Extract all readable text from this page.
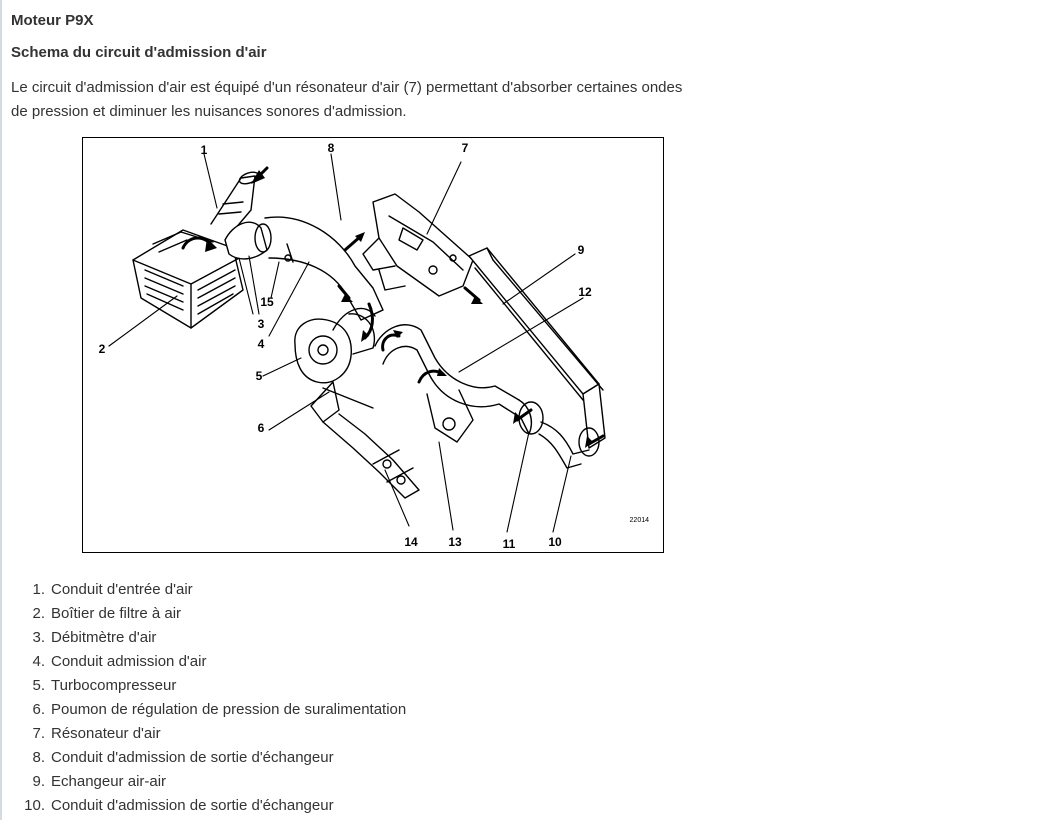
Moteur P9X
Schema du circuit d'admission d'air
Le circuit d'admission d'air est équipé d'un résonateur d'air (7) permettant d'absorber certaines ondes
de pression et diminuer les nuisances sonores d'admission.
1
2
3
4
5
6
7
8
9
10
11
12
13
14
15
22014
1. Conduit d'entrée d'air
2. Boîtier de filtre à air
3. Débitmètre d'air
4. Conduit admission d'air
5. Turbocompresseur
6. Poumon de régulation de pression de suralimentation
7. Résonateur d'air
8. Conduit d'admission de sortie d'échangeur
9. Echangeur air-air
10. Conduit d'admission de sortie d'échangeur
